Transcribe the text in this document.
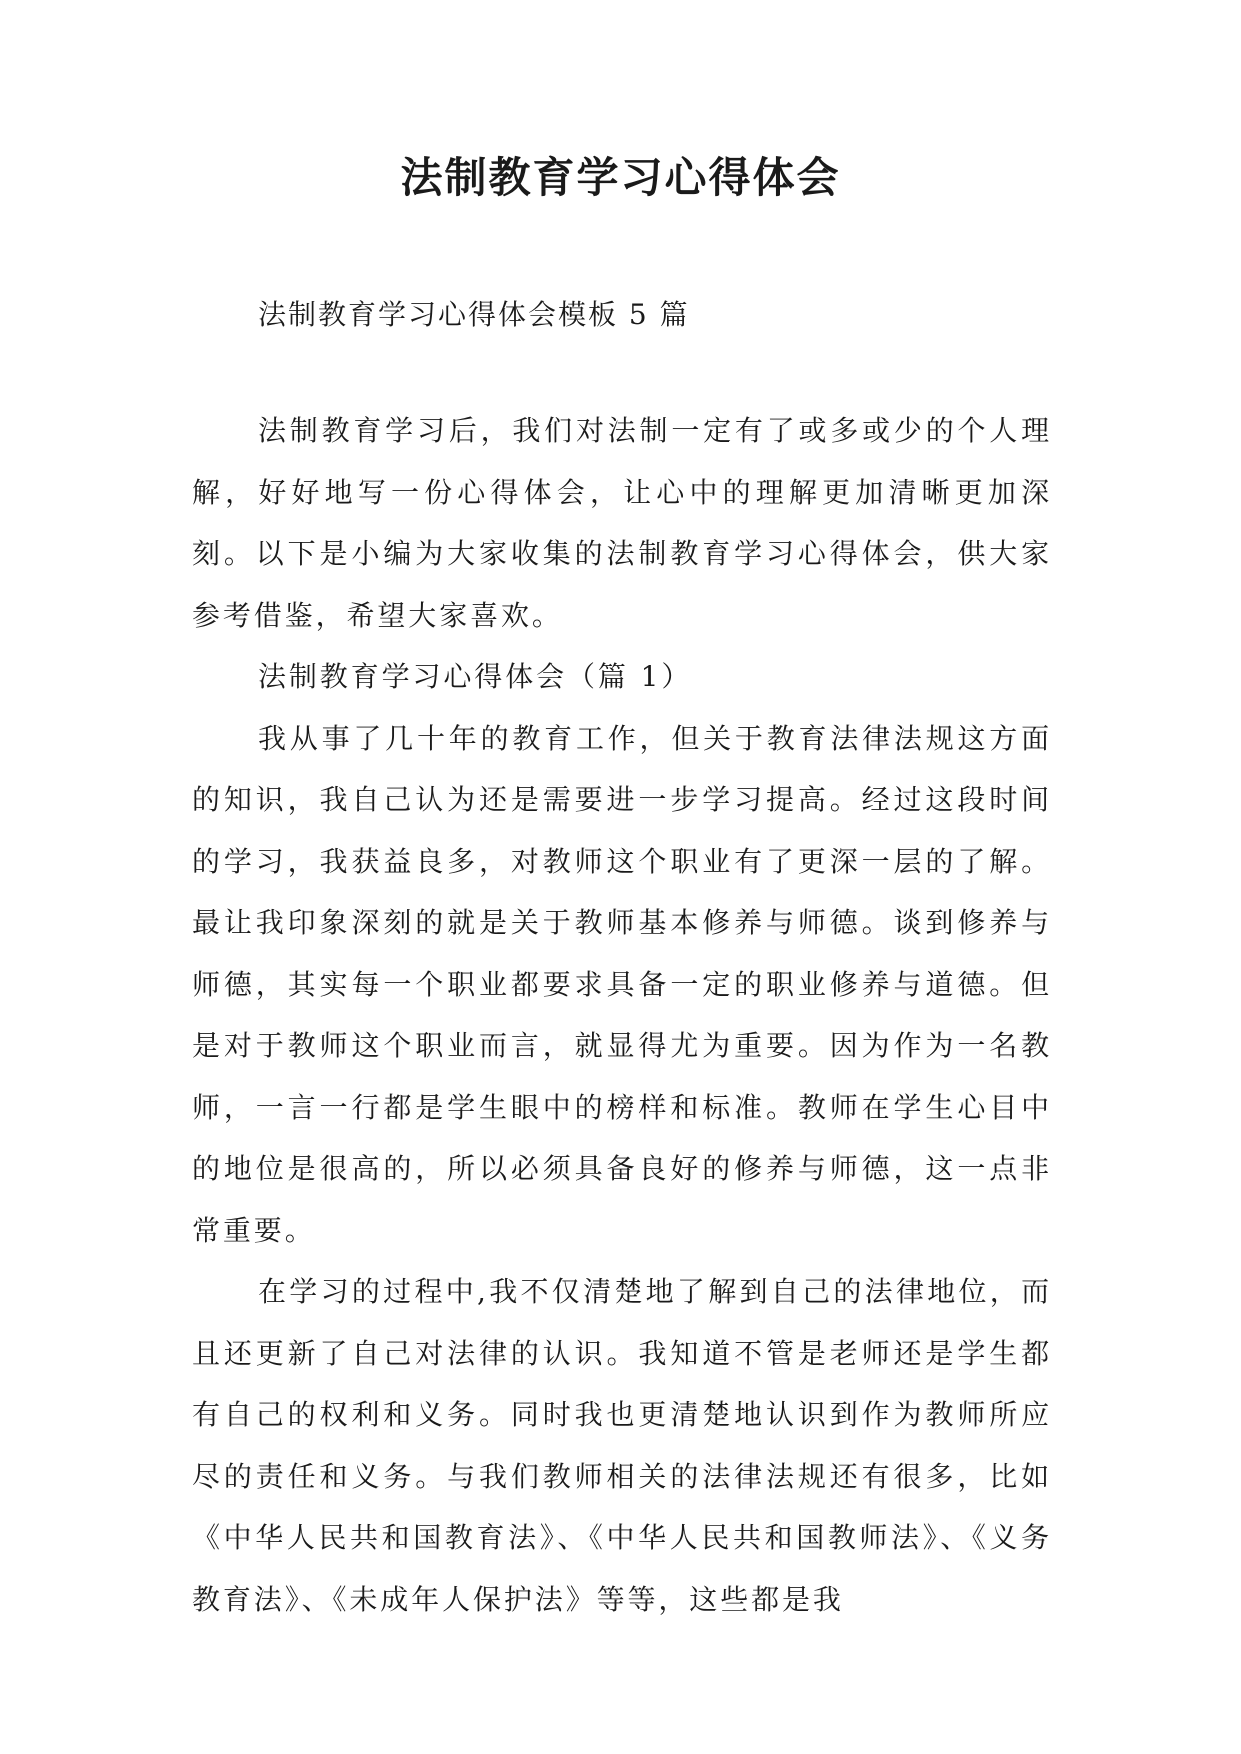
法制教育学习心得体会

法制教育学习心得体会模板 5 篇

法制教育学习后，我们对法制一定有了或多或少的个人理解，好好地写一份心得体会，让心中的理解更加清晰更加深刻。以下是小编为大家收集的法制教育学习心得体会，供大家参考借鉴，希望大家喜欢。

法制教育学习心得体会（篇 1）

我从事了几十年的教育工作，但关于教育法律法规这方面的知识，我自己认为还是需要进一步学习提高。经过这段时间的学习，我获益良多，对教师这个职业有了更深一层的了解。最让我印象深刻的就是关于教师基本修养与师德。谈到修养与师德，其实每一个职业都要求具备一定的职业修养与道德。但是对于教师这个职业而言，就显得尤为重要。因为作为一名教师，一言一行都是学生眼中的榜样和标准。教师在学生心目中的地位是很高的，所以必须具备良好的修养与师德，这一点非常重要。

在学习的过程中,我不仅清楚地了解到自己的法律地位，而且还更新了自己对法律的认识。我知道不管是老师还是学生都有自己的权利和义务。同时我也更清楚地认识到作为教师所应尽的责任和义务。与我们教师相关的法律法规还有很多，比如《中华人民共和国教育法》、《中华人民共和国教师法》、《义务教育法》、《未成年人保护法》等等，这些都是我
